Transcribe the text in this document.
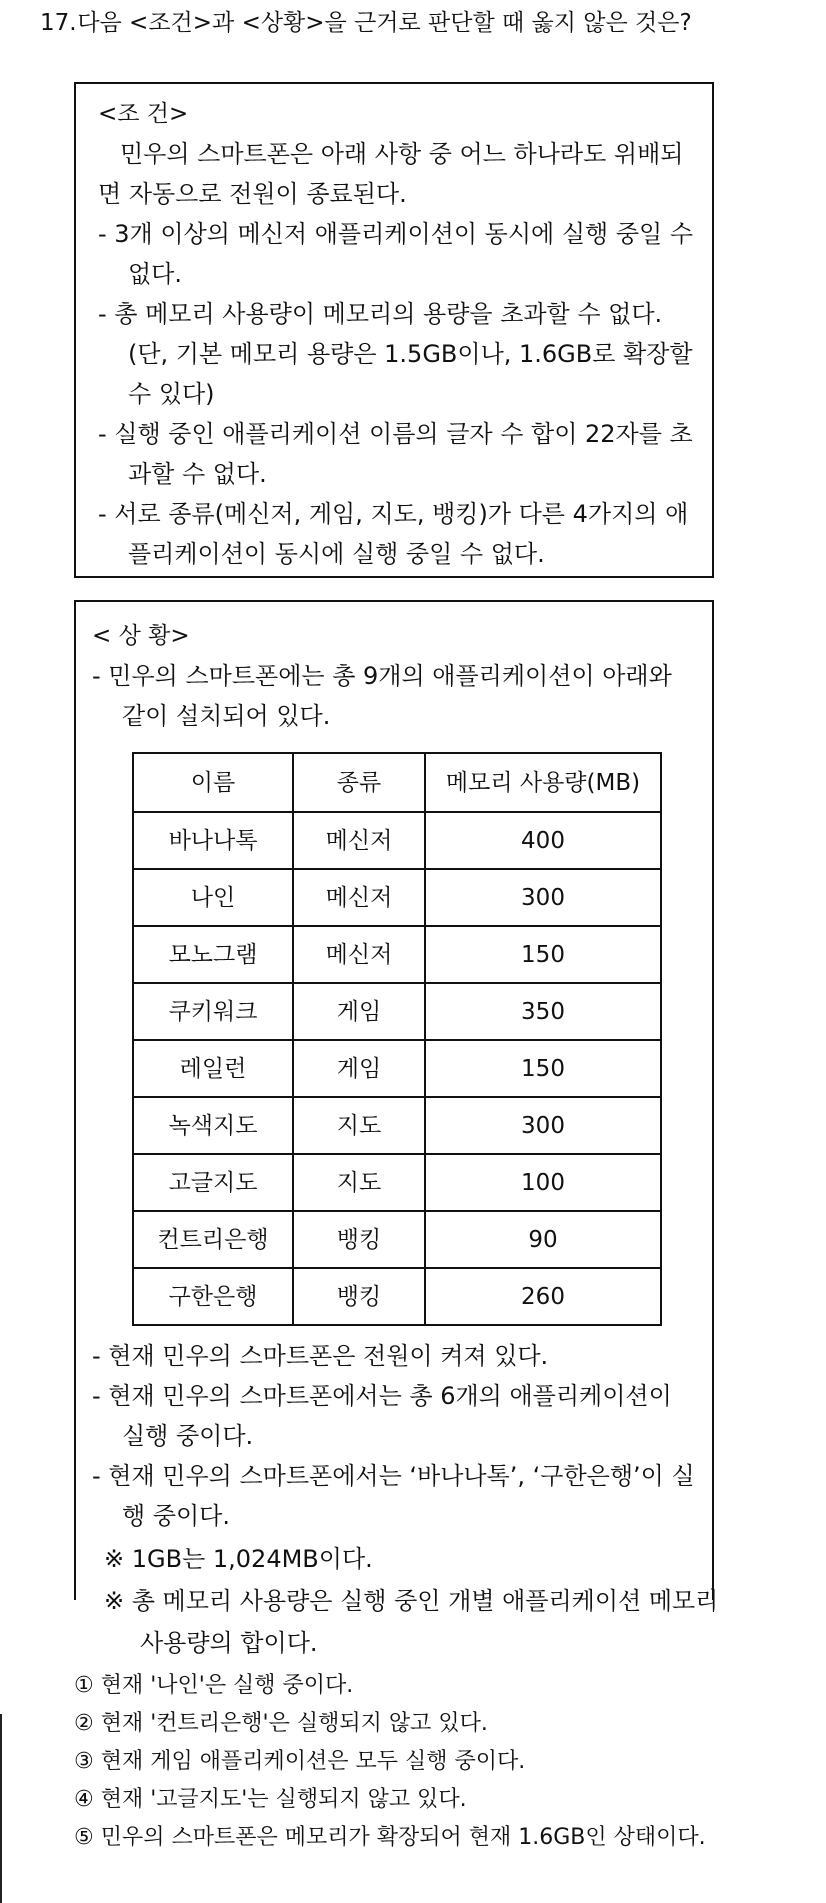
17. 다음 <조건>과 <상황>을 근거로 판단할 때 옳지 않은 것은?
<조 건>
민우의 스마트폰은 아래 사항 중 어느 하나라도 위배되면 자동으로 전원이 종료된다.
- 3개 이상의 메신저 애플리케이션이 동시에 실행 중일 수 없다.
- 총 메모리 사용량이 메모리의 용량을 초과할 수 없다. (단, 기본 메모리 용량은 1.5GB이나, 1.6GB로 확장할 수 있다)
- 실행 중인 애플리케이션 이름의 글자 수 합이 22자를 초과할 수 없다.
- 서로 종류(메신저, 게임, 지도, 뱅킹)가 다른 4가지의 애플리케이션이 동시에 실행 중일 수 없다.
< 상 황>
- 민우의 스마트폰에는 총 9개의 애플리케이션이 아래와 같이 설치되어 있다.
이름	종류	메모리 사용량(MB)
바나나톡	메신저	400
나인	메신저	300
모노그램	메신저	150
쿠키워크	게임	350
레일런	게임	150
녹색지도	지도	300
고글지도	지도	100
컨트리은행	뱅킹	90
구한은행	뱅킹	260
- 현재 민우의 스마트폰은 전원이 켜져 있다.
- 현재 민우의 스마트폰에서는 총 6개의 애플리케이션이 실행 중이다.
- 현재 민우의 스마트폰에서는 ‘바나나톡’, ‘구한은행’이 실행 중이다.
※ 1GB는 1,024MB이다.
※ 총 메모리 사용량은 실행 중인 개별 애플리케이션 메모리 사용량의 합이다.
① 현재 '나인'은 실행 중이다.
② 현재 '컨트리은행'은 실행되지 않고 있다.
③ 현재 게임 애플리케이션은 모두 실행 중이다.
④ 현재 '고글지도'는 실행되지 않고 있다.
⑤ 민우의 스마트폰은 메모리가 확장되어 현재 1.6GB인 상태이다.
